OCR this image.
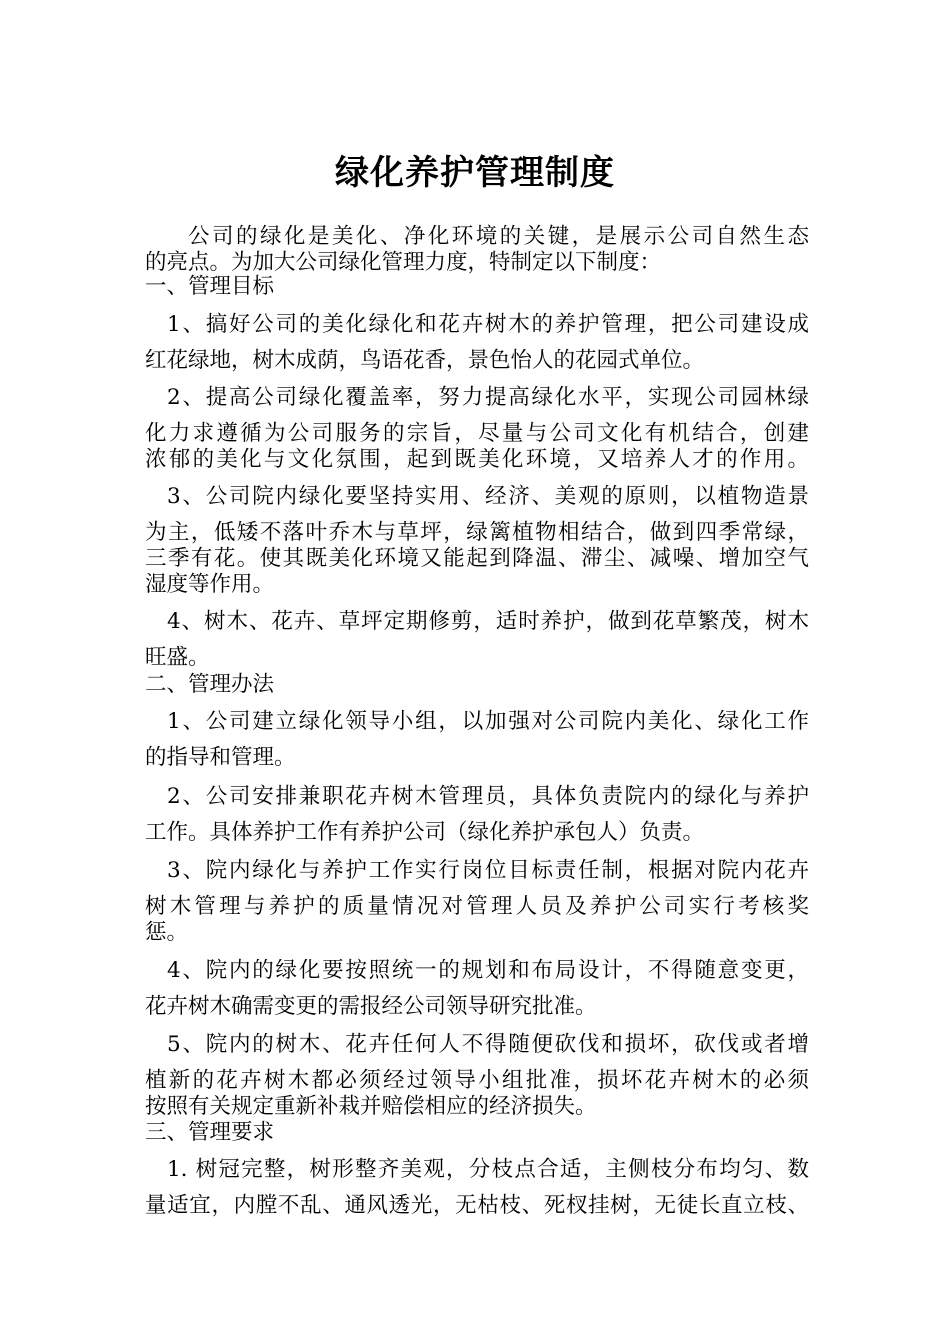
绿化养护管理制度

公司的绿化是美化、净化环境的关键，是展示公司自然生态
的亮点。为加大公司绿化管理力度，特制定以下制度：

一、管理目标

1、搞好公司的美化绿化和花卉树木的养护管理，把公司建设成
红花绿地，树木成荫，鸟语花香，景色怡人的花园式单位。

2、提高公司绿化覆盖率，努力提高绿化水平，实现公司园林绿
化力求遵循为公司服务的宗旨，尽量与公司文化有机结合，创建
浓郁的美化与文化氛围，起到既美化环境，又培养人才的作用。

3、公司院内绿化要坚持实用、经济、美观的原则，以植物造景
为主，低矮不落叶乔木与草坪，绿篱植物相结合，做到四季常绿，
三季有花。使其既美化环境又能起到降温、滞尘、减噪、增加空气
湿度等作用。

4、树木、花卉、草坪定期修剪，适时养护，做到花草繁茂，树木
旺盛。

二、管理办法

1、公司建立绿化领导小组，以加强对公司院内美化、绿化工作
的指导和管理。

2、公司安排兼职花卉树木管理员，具体负责院内的绿化与养护
工作。具体养护工作有养护公司（绿化养护承包人）负责。

3、院内绿化与养护工作实行岗位目标责任制，根据对院内花卉
树木管理与养护的质量情况对管理人员及养护公司实行考核奖
惩。

4、院内的绿化要按照统一的规划和布局设计，不得随意变更，
花卉树木确需变更的需报经公司领导研究批准。

5、院内的树木、花卉任何人不得随便砍伐和损坏，砍伐或者增
植新的花卉树木都必须经过领导小组批准，损坏花卉树木的必须
按照有关规定重新补栽并赔偿相应的经济损失。

三、管理要求

1. 树冠完整，树形整齐美观，分枝点合适，主侧枝分布均匀、数
量适宜，内膛不乱、通风透光，无枯枝、死杈挂树，无徒长直立枝、
